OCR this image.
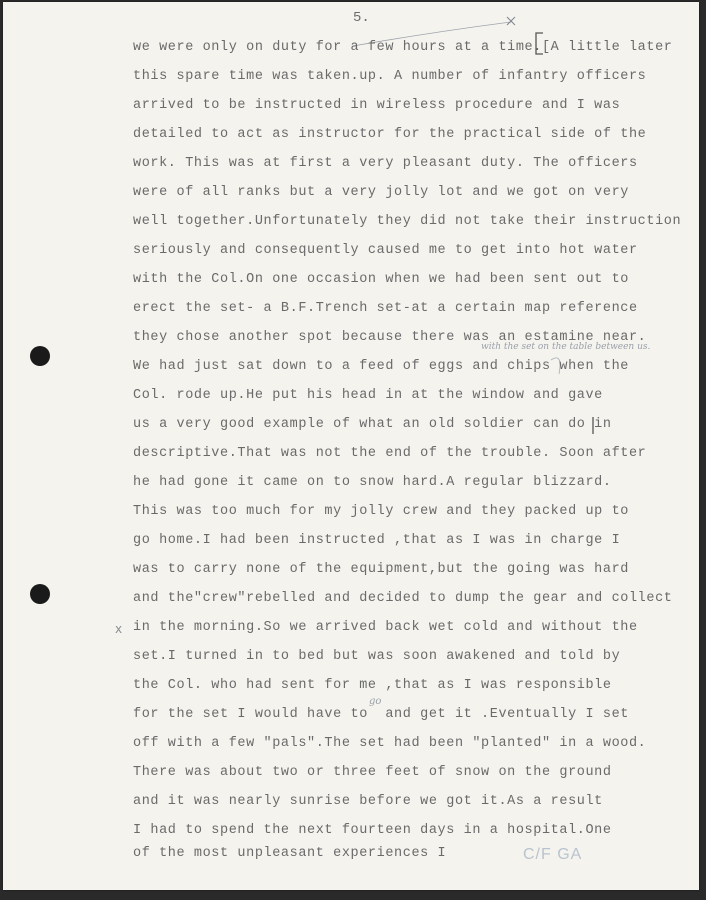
5.
we were only on duty for a few hours at a time.[A little later
this spare time was taken.up. A number of infantry officers
arrived to be instructed in wireless procedure and I was
detailed to act as instructor for the practical side of the
work. This was at first a very pleasant duty. The officers
were of all ranks but a very jolly lot and we got on very
well together.Unfortunately they did not take their instruction
seriously and consequently caused me to get into hot water
with the Col.On one occasion when we had been sent out to
erect the set- a B.F.Trench set-at a certain map reference
they chose another spot because there was an estamine near.
We had just sat down to a feed of eggs and chips when the
Col. rode up.He put his head in at the window and gave
us a very good example of what an old soldier can do in
descriptive.That was not the end of the trouble. Soon after
he had gone it came on to snow hard.A regular blizzard.
This was too much for my jolly crew and they packed up to
go home.I had been instructed ,that as I was in charge I
was to carry none of the equipment,but the going was hard
and the"crew"rebelled and decided to dump the gear and collect
in the morning.So we arrived back wet cold and without the
set.I turned in to bed but was soon awakened and told by
the Col. who had sent for me ,that as I was responsible
for the set I would have to  and get it .Eventually I set
off with a few "pals".The set had been "planted" in a wood.
There was about two or three feet of snow on the ground
and it was nearly sunrise before we got it.As a result
I had to spend the next fourteen days in a hospital.One
of the most unpleasant experiences I
with the set on the table between us.
go
x
C/F GA
